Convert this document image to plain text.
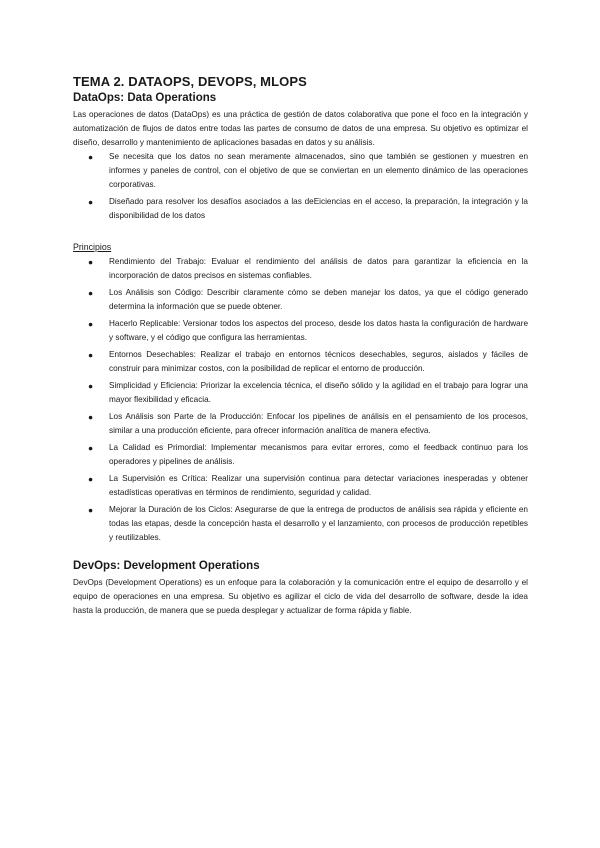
TEMA 2. DATAOPS, DEVOPS, MLOPS
DataOps: Data Operations

Las operaciones de datos (DataOps) es una práctica de gestión de datos colaborativa que pone el foco en la integración y automatización de flujos de datos entre todas las partes de consumo de datos de una empresa. Su objetivo es optimizar el diseño, desarrollo y mantenimiento de aplicaciones basadas en datos y su análisis.

● Se necesita que los datos no sean meramente almacenados, sino que también se gestionen y muestren en informes y paneles de control, con el objetivo de que se conviertan en un elemento dinámico de las operaciones corporativas.
● Diseñado para resolver los desafíos asociados a las deEiciencias en el acceso, la preparación, la integración y la disponibilidad de los datos
Principios
● Rendimiento del Trabajo: Evaluar el rendimiento del análisis de datos para garantizar la eficiencia en la incorporación de datos precisos en sistemas confiables.
● Los Análisis son Código: Describir claramente cómo se deben manejar los datos, ya que el código generado determina la información que se puede obtener.
● Hacerlo Replicable: Versionar todos los aspectos del proceso, desde los datos hasta la configuración de hardware y software, y el código que configura las herramientas.
● Entornos Desechables: Realizar el trabajo en entornos técnicos desechables, seguros, aislados y fáciles de construir para minimizar costos, con la posibilidad de replicar el entorno de producción.
● Simplicidad y Eficiencia: Priorizar la excelencia técnica, el diseño sólido y la agilidad en el trabajo para lograr una mayor flexibilidad y eficacia.
● Los Análisis son Parte de la Producción: Enfocar los pipelines de análisis en el pensamiento de los procesos, similar a una producción eficiente, para ofrecer información analítica de manera efectiva.
● La Calidad es Primordial: Implementar mecanismos para evitar errores, como el feedback continuo para los operadores y pipelines de análisis.
● La Supervisión es Crítica: Realizar una supervisión continua para detectar variaciones inesperadas y obtener estadísticas operativas en términos de rendimiento, seguridad y calidad.
● Mejorar la Duración de los Ciclos: Asegurarse de que la entrega de productos de análisis sea rápida y eficiente en todas las etapas, desde la concepción hasta el desarrollo y el lanzamiento, con procesos de producción repetibles y reutilizables.
DevOps: Development Operations

DevOps (Development Operations) es un enfoque para la colaboración y la comunicación entre el equipo de desarrollo y el equipo de operaciones en una empresa. Su objetivo es agilizar el ciclo de vida del desarrollo de software, desde la idea hasta la producción, de manera que se pueda desplegar y actualizar de forma rápida y fiable.
